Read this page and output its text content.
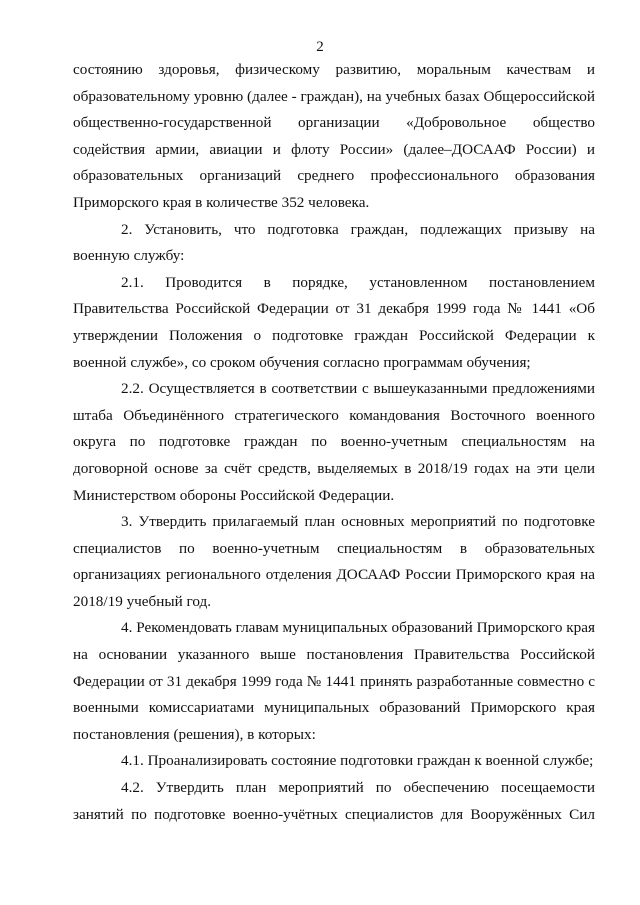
2

состоянию здоровья, физическому развитию, моральным качествам и образовательному уровню (далее - граждан), на учебных базах Общероссийской общественно-государственной организации «Добровольное общество содействия армии, авиации и флоту России» (далее–ДОСААФ России) и образовательных организаций среднего профессионального образования Приморского края в количестве 352 человека.

2. Установить, что подготовка граждан, подлежащих призыву на военную службу:

2.1. Проводится в порядке, установленном постановлением Правительства Российской Федерации от 31 декабря 1999 года № 1441 «Об утверждении Положения о подготовке граждан Российской Федерации к военной службе», со сроком обучения согласно программам обучения;

2.2. Осуществляется в соответствии с вышеуказанными предложениями штаба Объединённого стратегического командования Восточного военного округа по подготовке граждан по военно-учетным специальностям на договорной основе за счёт средств, выделяемых в 2018/19 годах на эти цели Министерством обороны Российской Федерации.

3. Утвердить прилагаемый план основных мероприятий по подготовке специалистов по военно-учетным специальностям в образовательных организациях регионального отделения ДОСААФ России Приморского края на 2018/19 учебный год.

4. Рекомендовать главам муниципальных образований Приморского края на основании указанного выше постановления Правительства Российской Федерации от 31 декабря 1999 года № 1441 принять разработанные совместно с военными комиссариатами муниципальных образований Приморского края постановления (решения), в которых:

4.1. Проанализировать состояние подготовки граждан к военной службе;

4.2. Утвердить план мероприятий по обеспечению посещаемости занятий по подготовке военно-учётных специалистов для Вооружённых Сил
